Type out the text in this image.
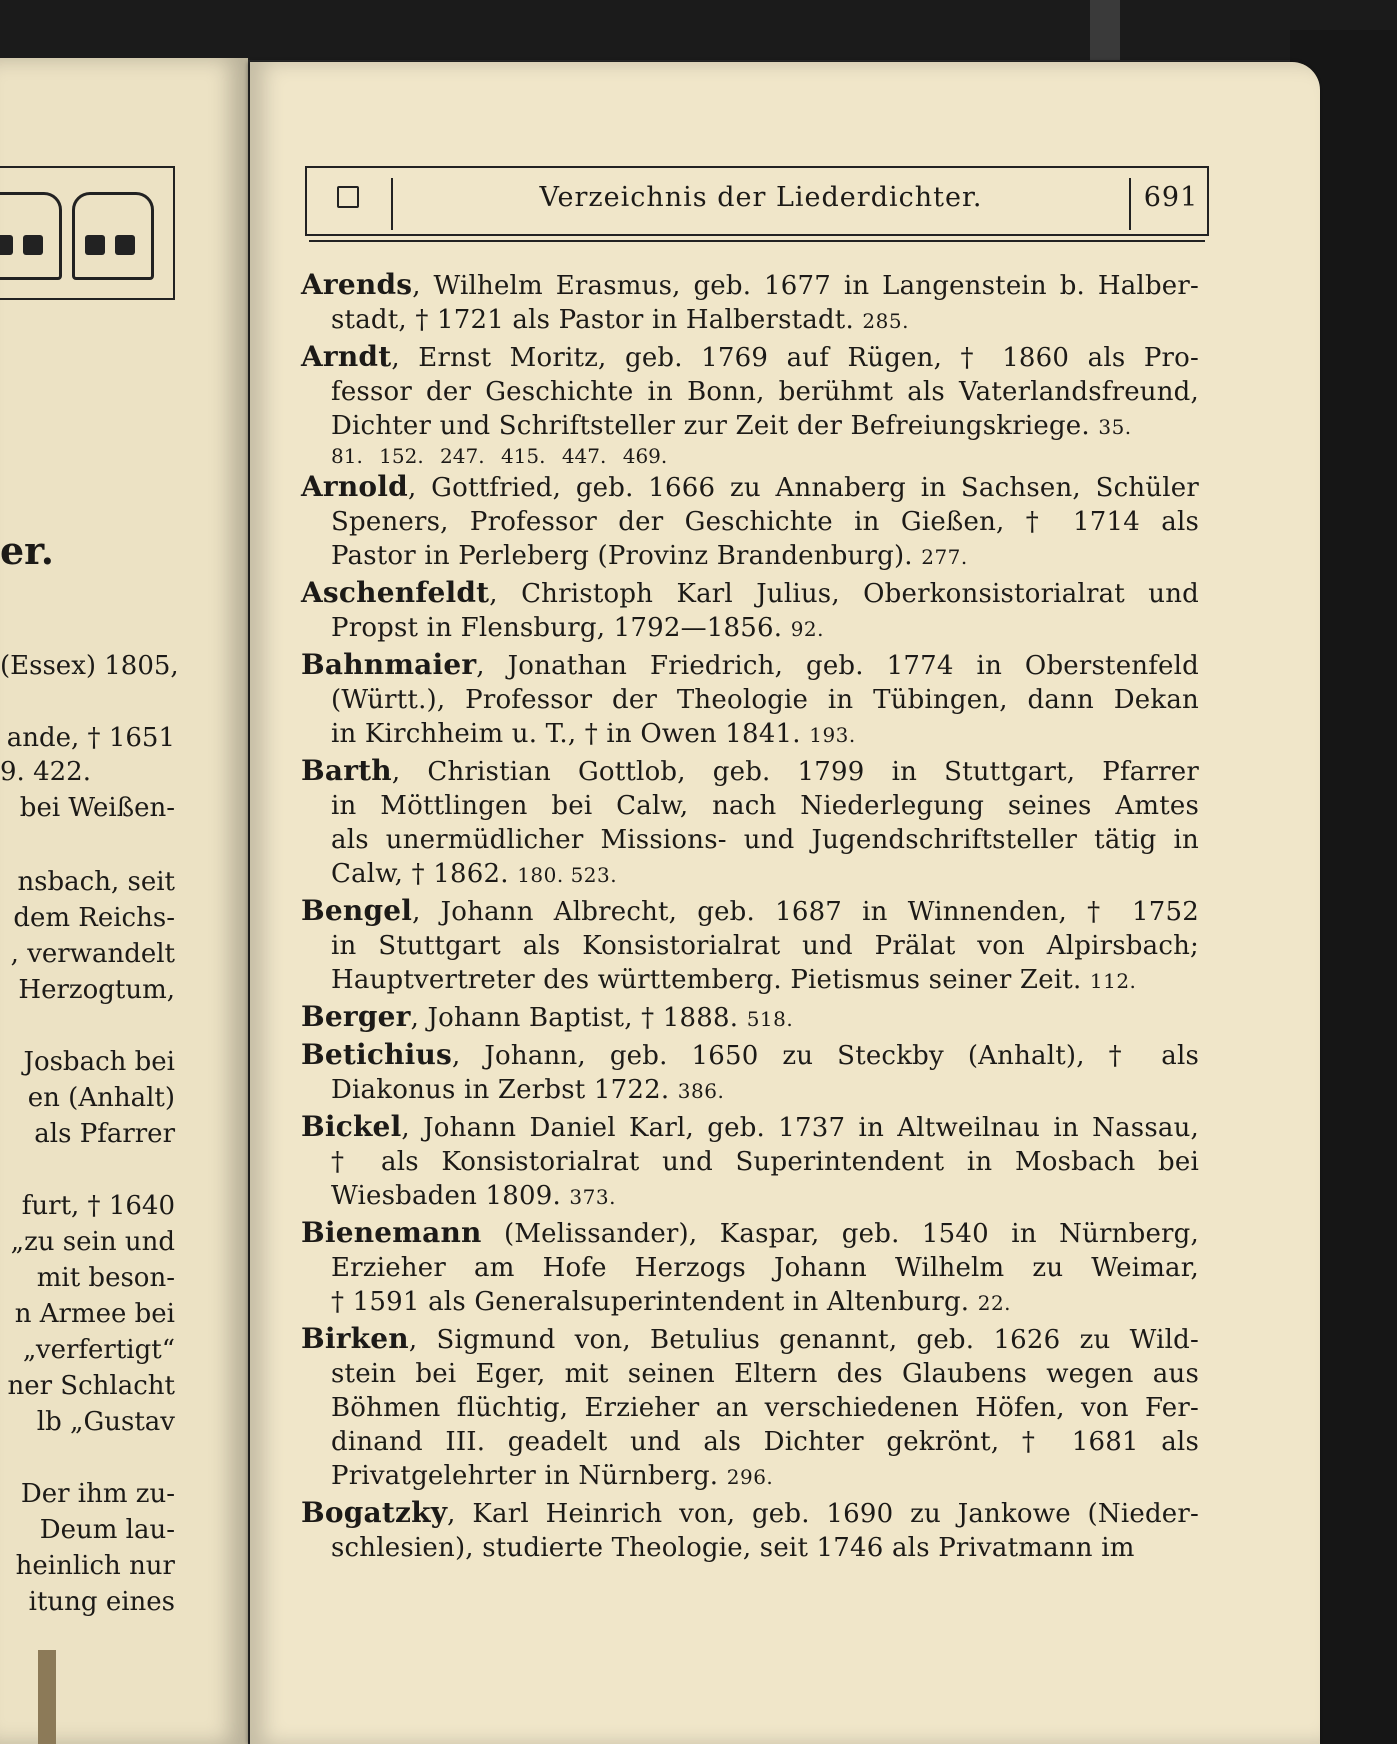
er.
(Essex) 1805,
ande, † 1651
9. 422.
bei Weißen-
nsbach, seit
dem Reichs-
, verwandelt
Herzogtum,
Josbach bei
en (Anhalt)
als Pfarrer
furt, † 1640
„zu sein und
mit beson-
n Armee bei
„verfertigt“
ner Schlacht
lb „Gustav
Der ihm zu-
Deum lau-
heinlich nur
itung eines
Verzeichnis der Liederdichter.	691
Arends, Wilhelm Erasmus, geb. 1677 in Langenstein b. Halber-
stadt, † 1721 als Pastor in Halberstadt. 285.
Arndt, Ernst Moritz, geb. 1769 auf Rügen, † 1860 als Pro-
fessor der Geschichte in Bonn, berühmt als Vaterlandsfreund,
Dichter und Schriftsteller zur Zeit der Befreiungskriege. 35.
81. 152. 247. 415. 447. 469.
Arnold, Gottfried, geb. 1666 zu Annaberg in Sachsen, Schüler
Speners, Professor der Geschichte in Gießen, † 1714 als
Pastor in Perleberg (Provinz Brandenburg). 277.
Aschenfeldt, Christoph Karl Julius, Oberkonsistorialrat und
Propst in Flensburg, 1792—1856. 92.
Bahnmaier, Jonathan Friedrich, geb. 1774 in Oberstenfeld
(Württ.), Professor der Theologie in Tübingen, dann Dekan
in Kirchheim u. T., † in Owen 1841. 193.
Barth, Christian Gottlob, geb. 1799 in Stuttgart, Pfarrer
in Möttlingen bei Calw, nach Niederlegung seines Amtes
als unermüdlicher Missions- und Jugendschriftsteller tätig in
Calw, † 1862. 180. 523.
Bengel, Johann Albrecht, geb. 1687 in Winnenden, † 1752
in Stuttgart als Konsistorialrat und Prälat von Alpirsbach;
Hauptvertreter des württemberg. Pietismus seiner Zeit. 112.
Berger, Johann Baptist, † 1888. 518.
Betichius, Johann, geb. 1650 zu Steckby (Anhalt), † als
Diakonus in Zerbst 1722. 386.
Bickel, Johann Daniel Karl, geb. 1737 in Altweilnau in Nassau,
† als Konsistorialrat und Superintendent in Mosbach bei
Wiesbaden 1809. 373.
Bienemann (Melissander), Kaspar, geb. 1540 in Nürnberg,
Erzieher am Hofe Herzogs Johann Wilhelm zu Weimar,
† 1591 als Generalsuperintendent in Altenburg. 22.
Birken, Sigmund von, Betulius genannt, geb. 1626 zu Wild-
stein bei Eger, mit seinen Eltern des Glaubens wegen aus
Böhmen flüchtig, Erzieher an verschiedenen Höfen, von Fer-
dinand III. geadelt und als Dichter gekrönt, † 1681 als
Privatgelehrter in Nürnberg. 296.
Bogatzky, Karl Heinrich von, geb. 1690 zu Jankowe (Nieder-
schlesien), studierte Theologie, seit 1746 als Privatmann im
